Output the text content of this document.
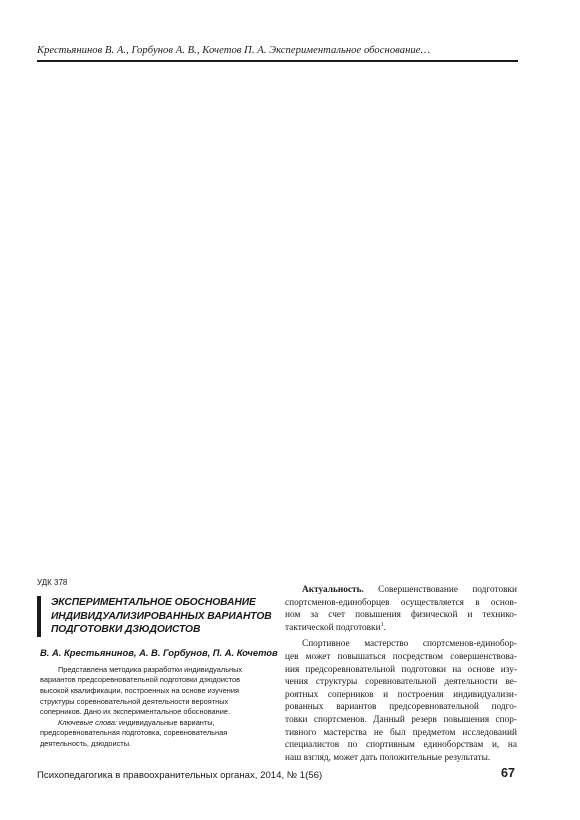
Крестьянинов В. А., Горбунов А. В., Кочетов П. А. Экспериментальное обоснование…
УДК 378
ЭКСПЕРИМЕНТАЛЬНОЕ ОБОСНОВАНИЕ
ИНДИВИДУАЛИЗИРОВАННЫХ ВАРИАНТОВ
ПОДГОТОВКИ ДЗЮДОИСТОВ
В. А. Крестьянинов, А. В. Горбунов, П. А. Кочетов

Представлена методика разработки индивидуальных вариантов предсоревновательной подготовки дзюдоистов высокой квалификации, построенных на основе изучения структуры соревновательной деятельности вероятных соперников. Дано их экспериментальное обоснование.

Ключевые слова: индивидуальные варианты, предсоревновательная подготовка, соревновательная деятельность, дзюдоисты.

Актуальность. Совершенствование подготовки
спортсменов-единоборцев осуществляется в основ-
ном за счет повышения физической и технико-
тактической подготовки$^1$.

Спортивное мастерство спортсменов-единобор-
цев может повышаться посредством совершенствова-
ния предсоревновательной подготовки на основе изу-
чения структуры соревновательной деятельности ве-
роятных соперников и построения индивидуализи-
рованных вариантов предсоревновательной подго-
товки спортсменов. Данный резерв повышения спор-
тивного мастерства не был предметом исследований
специалистов по спортивным единоборствам и, на
наш взгляд, может дать положительные результаты.

Психопедагогика в правоохранительных органах, 2014, № 1(56)	67
